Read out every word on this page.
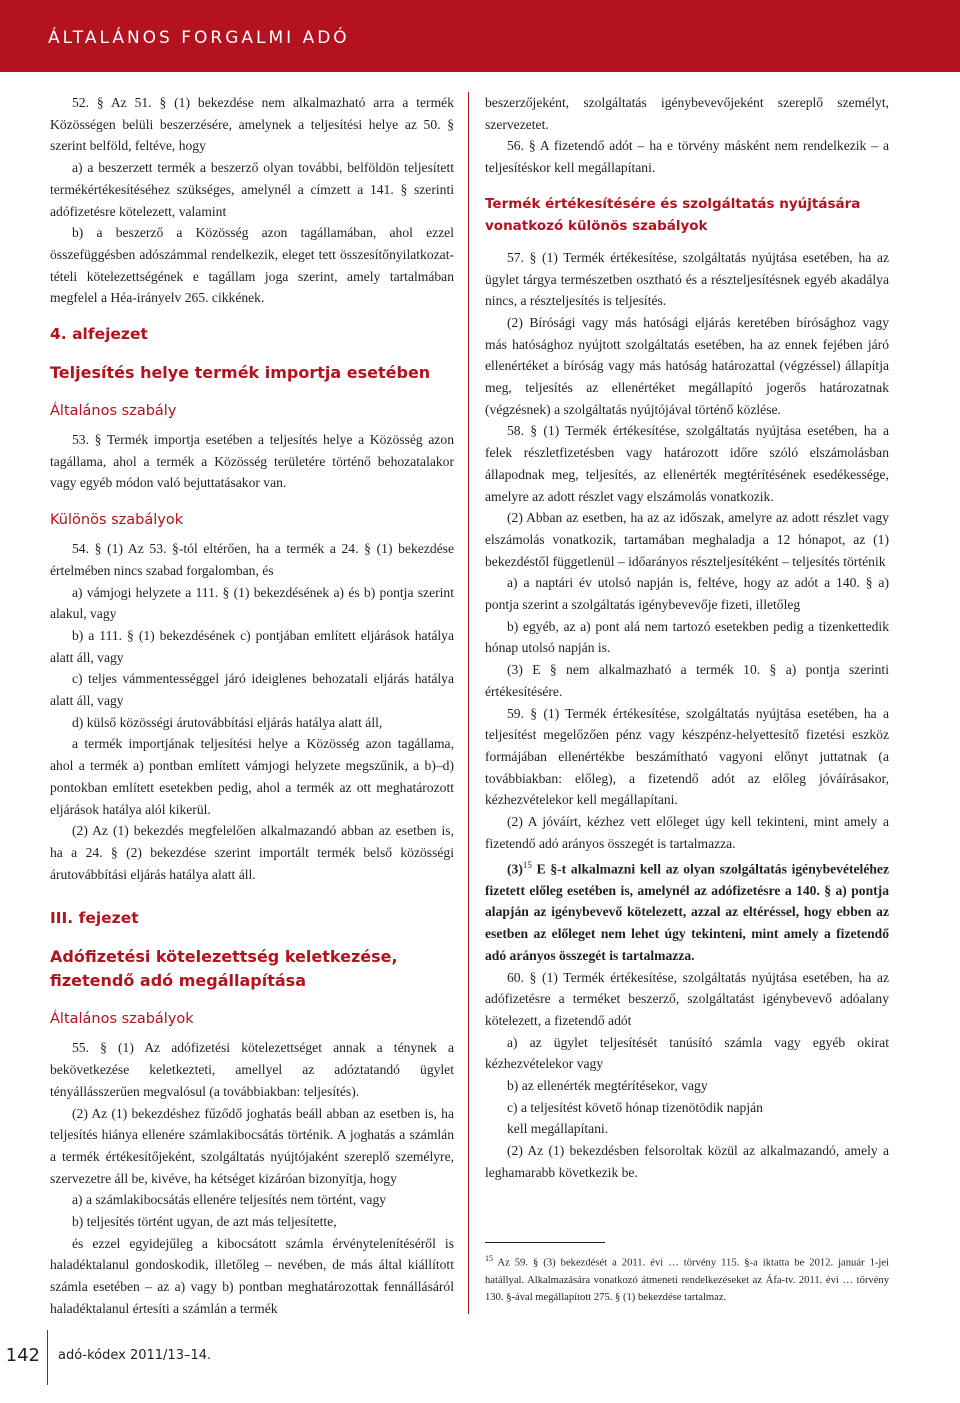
ÁLTALÁNOS FORGALMI ADÓ

52. § Az 51. § (1) bekezdése nem alkalmazható arra a termék Közösségen belüli beszerzésére, amelynek a teljesítési helye az 50. § szerint belföld, feltéve, hogy

a) a beszerzett termék a beszerző olyan további, belföldön teljesített termékértékesítéséhez szükséges, amelynél a címzett a 141. § szerinti adófizetésre kötelezett, valamint

b) a beszerző a Közösség azon tagállamában, ahol ezzel összefüggésben adószámmal rendelkezik, eleget tett összesítőnyilatkozat-tételi kötelezettségének e tagállam joga szerint, amely tartalmában megfelel a Héa-irányelv 265. cikkének.

4. alfejezet
Teljesítés helye termék importja esetében
Általános szabály

53. § Termék importja esetében a teljesítés helye a Közösség azon tagállama, ahol a termék a Közösség területére történő behozatalakor vagy egyéb módon való bejuttatásakor van.

Különös szabályok

54. § (1) Az 53. §-tól eltérően, ha a termék a 24. § (1) bekezdése értelmében nincs szabad forgalomban, és

a) vámjogi helyzete a 111. § (1) bekezdésének a) és b) pontja szerint alakul, vagy

b) a 111. § (1) bekezdésének c) pontjában említett eljárások hatálya alatt áll, vagy

c) teljes vámmentességgel járó ideiglenes behozatali eljárás hatálya alatt áll, vagy

d) külső közösségi árutovábbítási eljárás hatálya alatt áll,

a termék importjának teljesítési helye a Közösség azon tagállama, ahol a termék a) pontban említett vámjogi helyzete megszűnik, a b)–d) pontokban említett esetekben pedig, ahol a termék az ott meghatározott eljárások hatálya alól kikerül.

(2) Az (1) bekezdés megfelelően alkalmazandó abban az esetben is, ha a 24. § (2) bekezdése szerint importált termék belső közösségi árutovábbítási eljárás hatálya alatt áll.

III. fejezet
Adófizetési kötelezettség keletkezése, fizetendő adó megállapítása
Általános szabályok

55. § (1) Az adófizetési kötelezettséget annak a ténynek a bekövetkezése keletkezteti, amellyel az adóztatandó ügylet tényállásszerűen megvalósul (a továbbiakban: teljesítés).

(2) Az (1) bekezdéshez fűződő joghatás beáll abban az esetben is, ha teljesítés hiánya ellenére számlakibocsátás történik. A joghatás a számlán a termék értékesítőjeként, szolgáltatás nyújtójaként szereplő személyre, szervezetre áll be, kivéve, ha kétséget kizáróan bizonyítja, hogy

a) a számlakibocsátás ellenére teljesítés nem történt, vagy

b) teljesítés történt ugyan, de azt más teljesítette,

és ezzel egyidejűleg a kibocsátott számla érvénytelenítéséről is haladéktalanul gondoskodik, illetőleg – nevében, de más által kiállított számla esetében – az a) vagy b) pontban meghatározottak fennállásáról haladéktalanul értesíti a számlán a termék

beszerzőjeként, szolgáltatás igénybevevőjeként szereplő személyt, szervezetet.

56. § A fizetendő adót – ha e törvény másként nem rendelkezik – a teljesítéskor kell megállapítani.

Termék értékesítésére és szolgáltatás nyújtására vonatkozó különös szabályok

57. § (1) Termék értékesítése, szolgáltatás nyújtása esetében, ha az ügylet tárgya természetben osztható és a részteljesítésnek egyéb akadálya nincs, a részteljesítés is teljesítés.

(2) Bírósági vagy más hatósági eljárás keretében bírósághoz vagy más hatósághoz nyújtott szolgáltatás esetében, ha az ennek fejében járó ellenértéket a bíróság vagy más hatóság határozattal (végzéssel) állapítja meg, teljesítés az ellenértéket megállapító jogerős határozatnak (végzésnek) a szolgáltatás nyújtójával történő közlése.

58. § (1) Termék értékesítése, szolgáltatás nyújtása esetében, ha a felek részletfizetésben vagy határozott időre szóló elszámolásban állapodnak meg, teljesítés, az ellenérték megtérítésének esedékessége, amelyre az adott részlet vagy elszámolás vonatkozik.

(2) Abban az esetben, ha az az időszak, amelyre az adott részlet vagy elszámolás vonatkozik, tartamában meghaladja a 12 hónapot, az (1) bekezdéstől függetlenül – időarányos részteljesítéként – teljesítés történik

a) a naptári év utolsó napján is, feltéve, hogy az adót a 140. § a) pontja szerint a szolgáltatás igénybevevője fizeti, illetőleg

b) egyéb, az a) pont alá nem tartozó esetekben pedig a tizenkettedik hónap utolsó napján is.

(3) E § nem alkalmazható a termék 10. § a) pontja szerinti értékesítésére.

59. § (1) Termék értékesítése, szolgáltatás nyújtása esetében, ha a teljesítést megelőzően pénz vagy készpénz-helyettesítő fizetési eszköz formájában ellenértékbe beszámítható vagyoni előnyt juttatnak (a továbbiakban: előleg), a fizetendő adót az előleg jóváírásakor, kézhezvételekor kell megállapítani.

(2) A jóváírt, kézhez vett előleget úgy kell tekinteni, mint amely a fizetendő adó arányos összegét is tartalmazza.

$(3)^{15}$ E §-t alkalmazni kell az olyan szolgáltatás igénybevételéhez fizetett előleg esetében is, amelynél az adófizetésre a 140. § a) pontja alapján az igénybevevő kötelezett, azzal az eltéréssel, hogy ebben az esetben az előleget nem lehet úgy tekinteni, mint amely a fizetendő adó arányos összegét is tartalmazza.

60. § (1) Termék értékesítése, szolgáltatás nyújtása esetében, ha az adófizetésre a terméket beszerző, szolgáltatást igénybevevő adóalany kötelezett, a fizetendő adót

a) az ügylet teljesítését tanúsító számla vagy egyéb okirat kézhezvételekor vagy

b) az ellenérték megtérítésekor, vagy

c) a teljesítést követő hónap tizenötödik napján

kell megállapítani.

(2) Az (1) bekezdésben felsoroltak közül az alkalmazandó, amely a leghamarabb következik be.

$^{15}$ Az 59. § (3) bekezdését a 2011. évi … törvény 115. §-a iktatta be 2012. január 1-jei hatállyal. Alkalmazására vonatkozó átmeneti rendelkezéseket az Áfa-tv. 2011. évi … törvény 130. §-ával megállapított 275. § (1) bekezdése tartalmaz.
142 adó-kódex 2011/13–14.
